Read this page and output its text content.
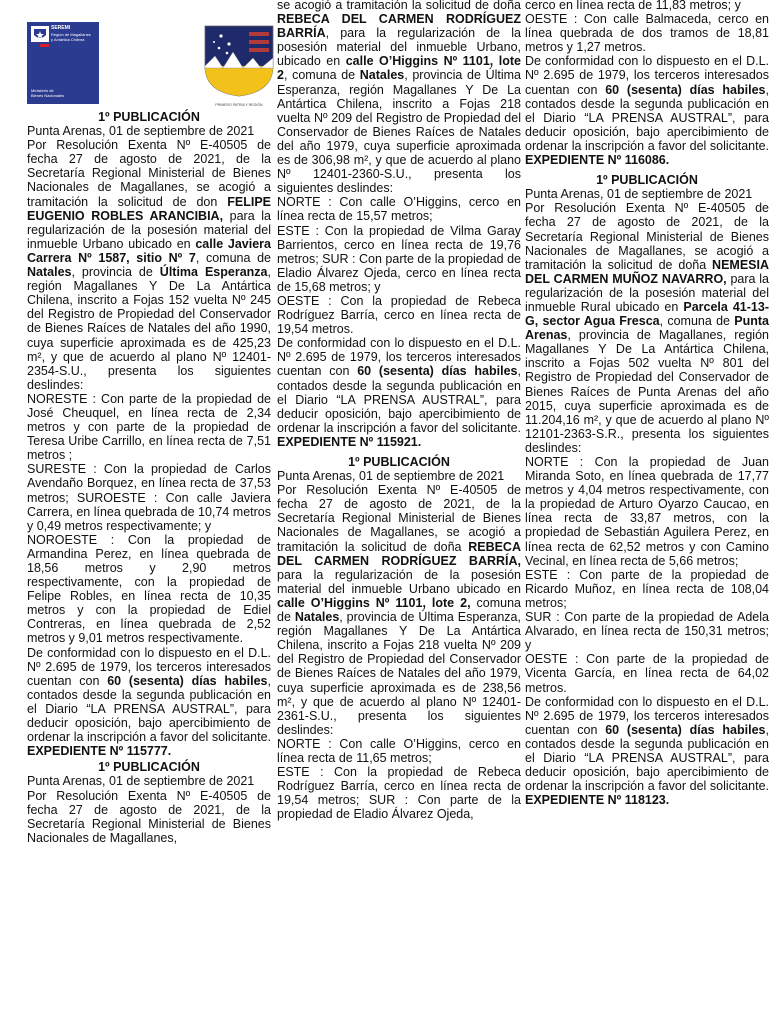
SEREMI
Región de Magallanes
y Antártica Chilena
Ministerio de
Bienes Nacionales
PRIMERO PATRIA Y REGIÓN
1º PUBLICACIÓN

Punta Arenas, 01 de septiembre de 2021

Por Resolución Exenta Nº E-40505 de fecha 27 de agosto de 2021, de la Secretaría Regional Ministerial de Bienes Nacionales de Magallanes, se acogió a tramitación la solicitud de don FELIPE EUGENIO ROBLES ARANCIBIA, para la regularización de la posesión material del inmueble Urbano ubicado en calle Javiera Carrera Nº 1587, sitio Nº 7, comuna de Natales, provincia de Última Esperanza, región Magallanes Y De La Antártica Chilena, inscrito a Fojas 152 vuelta Nº 245 del Registro de Propiedad del Conservador de Bienes Raíces de Natales del año 1990, cuya superficie aproximada es de 425,23 m², y que de acuerdo al plano Nº 12401-2354-S.U., presenta los siguientes deslindes:

NORESTE : Con parte de la propiedad de José Cheuquel, en línea recta de 2,34 metros y con parte de la propiedad de Teresa Uribe Carrillo, en línea recta de 7,51 metros ;

SURESTE : Con la propiedad de Carlos Avendaño Borquez, en línea recta de 37,53 metros; SUROESTE : Con calle Javiera Carrera, en línea quebrada de 10,74 metros y 0,49 metros respectivamente; y

NOROESTE : Con la propiedad de Armandina Perez, en línea quebrada de 18,56 metros y 2,90 metros respectivamente, con la propiedad de Felipe Robles, en línea recta de 10,35 metros y con la propiedad de Ediel Contreras, en línea quebrada de 2,52 metros y 9,01 metros respectivamente.

De conformidad con lo dispuesto en el D.L. Nº 2.695 de 1979, los terceros interesados cuentan con 60 (sesenta) días habiles, contados desde la segunda publicación en el Diario “LA PRENSA AUSTRAL”, para deducir oposición, bajo apercibimiento de ordenar la inscripción a favor del solicitante. EXPEDIENTE Nº 115777.

1º PUBLICACIÓN

Punta Arenas, 01 de septiembre de 2021

Por Resolución Exenta Nº E-40505 de fecha 27 de agosto de 2021, de la Secretaría Regional Ministerial de Bienes Nacionales de Magallanes,

se acogió a tramitación la solicitud de doña REBECA DEL CARMEN RODRÍGUEZ BARRÍA, para la regularización de la posesión material del inmueble Urbano, ubicado en calle O’Higgins Nº 1101, lote 2, comuna de Natales, provincia de Última Esperanza, región Magallanes Y De La Antártica Chilena, inscrito a Fojas 218 vuelta Nº 209 del Registro de Propiedad del Conservador de Bienes Raíces de Natales del año 1979, cuya superficie aproximada es de 306,98 m², y que de acuerdo al plano Nº 12401-2360-S.U., presenta los siguientes deslindes:

NORTE : Con calle O’Higgins, cerco en línea recta de 15,57 metros;

ESTE : Con la propiedad de Vilma Garay Barrientos, cerco en línea recta de 19,76 metros; SUR : Con parte de la propiedad de Eladio Álvarez Ojeda, cerco en línea recta de 15,68 metros; y

OESTE : Con la propiedad de Rebeca Rodríguez Barría, cerco en línea recta de 19,54 metros.

De conformidad con lo dispuesto en el D.L. Nº 2.695 de 1979, los terceros interesados cuentan con 60 (sesenta) días habiles, contados desde la segunda publicación en el Diario “LA PRENSA AUSTRAL”, para deducir oposición, bajo apercibimiento de ordenar la inscripción a favor del solicitante. EXPEDIENTE Nº 115921.

1º PUBLICACIÓN

Punta Arenas, 01 de septiembre de 2021

Por Resolución Exenta Nº E-40505 de fecha 27 de agosto de 2021, de la Secretaría Regional Ministerial de Bienes Nacionales de Magallanes, se acogió a tramitación la solicitud de doña REBECA DEL CARMEN RODRÍGUEZ BARRÍA, para la regularización de la posesión material del inmueble Urbano ubicado en calle O’Higgins Nº 1101, lote 2, comuna de Natales, provincia de Última Esperanza, región Magallanes Y De La Antártica Chilena, inscrito a Fojas 218 vuelta Nº 209 del Registro de Propiedad del Conservador de Bienes Raíces de Natales del año 1979, cuya superficie aproximada es de 238,56 m², y que de acuerdo al plano Nº 12401-2361-S.U., presenta los siguientes deslindes:

NORTE : Con calle O’Higgins, cerco en línea recta de 11,65 metros;

ESTE : Con la propiedad de Rebeca Rodríguez Barría, cerco en línea recta de 19,54 metros; SUR : Con parte de la propiedad de Eladio Álvarez Ojeda,

cerco en línea recta de 11,83 metros; y

OESTE : Con calle Balmaceda, cerco en línea quebrada de dos tramos de 18,81 metros y 1,27 metros.

De conformidad con lo dispuesto en el D.L. Nº 2.695 de 1979, los terceros interesados cuentan con 60 (sesenta) días habiles, contados desde la segunda publicación en el Diario “LA PRENSA AUSTRAL”, para deducir oposición, bajo apercibimiento de ordenar la inscripción a favor del solicitante. EXPEDIENTE Nº 116086.

1º PUBLICACIÓN

Punta Arenas, 01 de septiembre de 2021

Por Resolución Exenta Nº E-40505 de fecha 27 de agosto de 2021, de la Secretaría Regional Ministerial de Bienes Nacionales de Magallanes, se acogió a tramitación la solicitud de doña NEMESIA DEL CARMEN MUÑOZ NAVARRO, para la regularización de la posesión material del inmueble Rural ubicado en Parcela 41-13-G, sector Agua Fresca, comuna de Punta Arenas, provincia de Magallanes, región Magallanes Y De La Antártica Chilena, inscrito a Fojas 502 vuelta Nº 801 del Registro de Propiedad del Conservador de Bienes Raíces de Punta Arenas del año 2015, cuya superficie aproximada es de 11.204,16 m², y que de acuerdo al plano Nº 12101-2363-S.R., presenta los siguientes deslindes:

NORTE : Con la propiedad de Juan Miranda Soto, en línea quebrada de 17,77 metros y 4,04 metros respectivamente, con la propiedad de Arturo Oyarzo Caucao, en línea recta de 33,87 metros, con la propiedad de Sebastián Aguilera Perez, en línea recta de 62,52 metros y con Camino Vecinal, en línea recta de 5,66 metros;

ESTE : Con parte de la propiedad de Ricardo Muñoz, en línea recta de 108,04 metros;

SUR : Con parte de la propiedad de Adela Alvarado, en línea recta de 150,31 metros; y

OESTE : Con parte de la propiedad de Vicenta García, en línea recta de 64,02 metros.

De conformidad con lo dispuesto en el D.L. Nº 2.695 de 1979, los terceros interesados cuentan con 60 (sesenta) días habiles, contados desde la segunda publicación en el Diario “LA PRENSA AUSTRAL”, para deducir oposición, bajo apercibimiento de ordenar la inscripción a favor del solicitante. EXPEDIENTE Nº 118123.
